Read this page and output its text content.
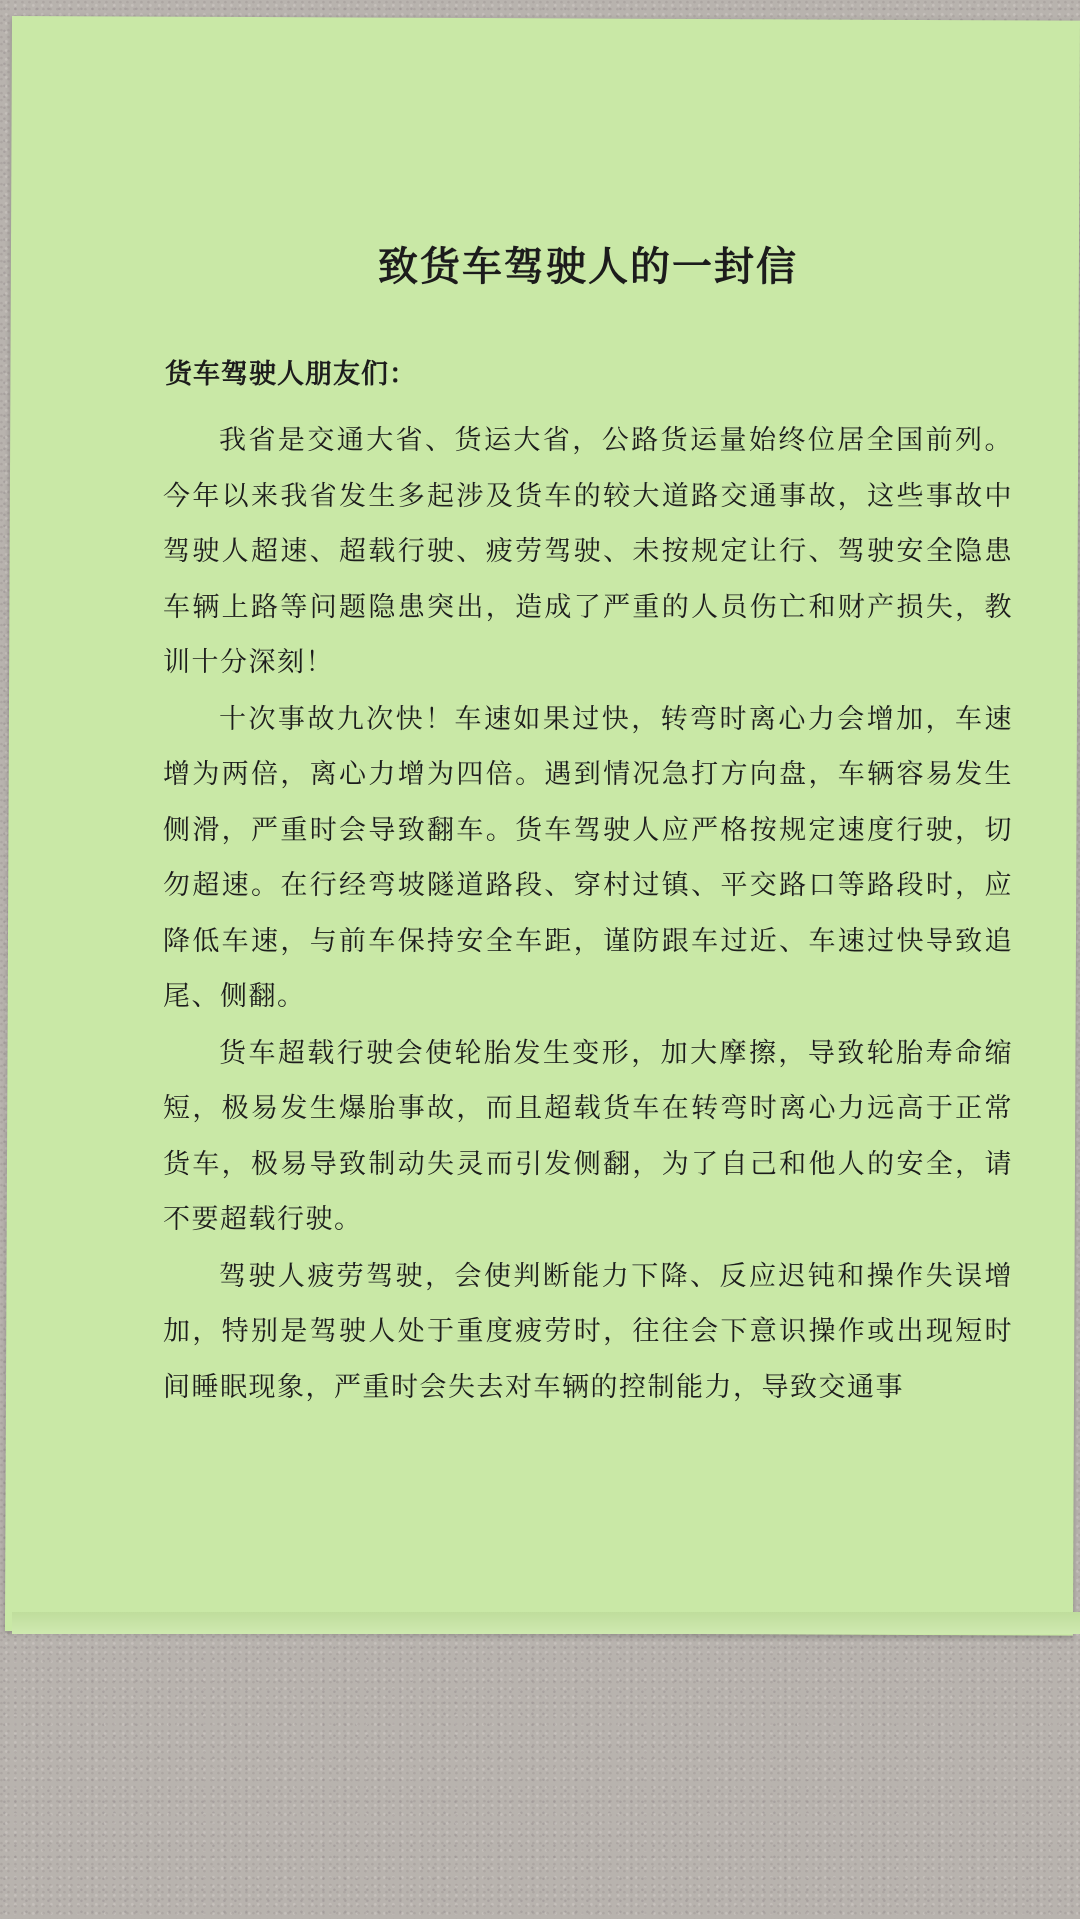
致货车驾驶人的一封信
货车驾驶人朋友们：

我省是交通大省、货运大省，公路货运量始终位居全国前列。今年以来我省发生多起涉及货车的较大道路交通事故，这些事故中驾驶人超速、超载行驶、疲劳驾驶、未按规定让行、驾驶安全隐患车辆上路等问题隐患突出，造成了严重的人员伤亡和财产损失，教训十分深刻！

十次事故九次快！车速如果过快，转弯时离心力会增加，车速增为两倍，离心力增为四倍。遇到情况急打方向盘，车辆容易发生侧滑，严重时会导致翻车。货车驾驶人应严格按规定速度行驶，切勿超速。在行经弯坡隧道路段、穿村过镇、平交路口等路段时，应降低车速，与前车保持安全车距，谨防跟车过近、车速过快导致追尾、侧翻。

货车超载行驶会使轮胎发生变形，加大摩擦，导致轮胎寿命缩短，极易发生爆胎事故，而且超载货车在转弯时离心力远高于正常货车，极易导致制动失灵而引发侧翻，为了自己和他人的安全，请不要超载行驶。

驾驶人疲劳驾驶，会使判断能力下降、反应迟钝和操作失误增加，特别是驾驶人处于重度疲劳时，往往会下意识操作或出现短时间睡眠现象，严重时会失去对车辆的控制能力，导致交通事
